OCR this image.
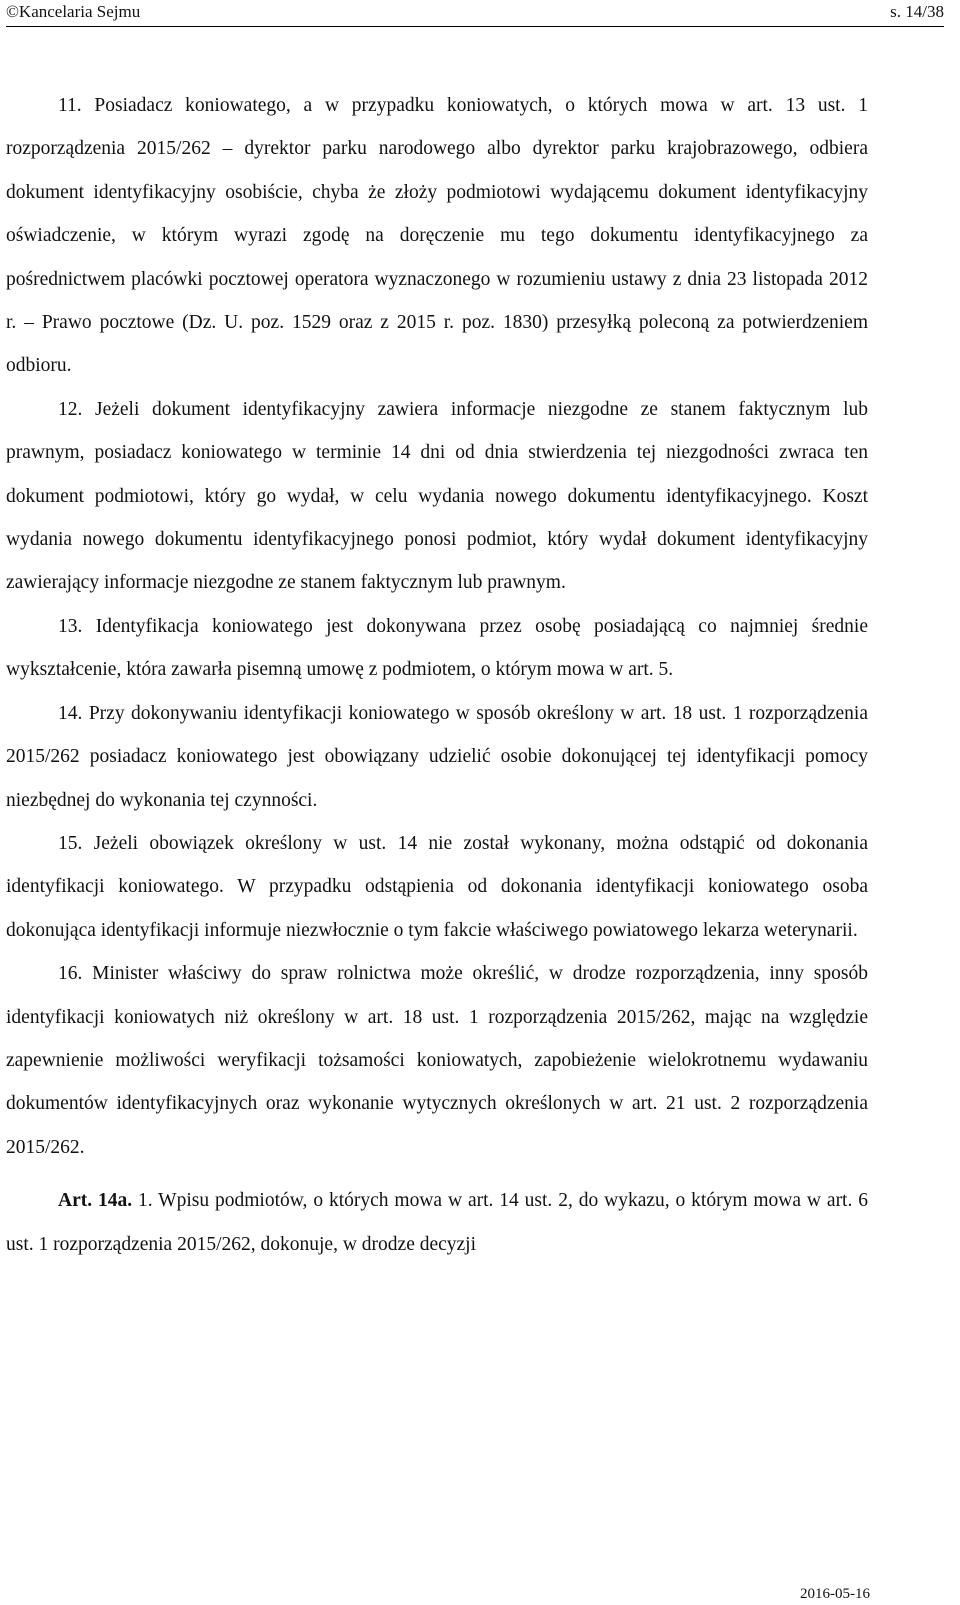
©Kancelaria Sejmu	s. 14/38

11. Posiadacz koniowatego, a w przypadku koniowatych, o których mowa w art. 13 ust. 1 rozporządzenia 2015/262 – dyrektor parku narodowego albo dyrektor parku krajobrazowego, odbiera dokument identyfikacyjny osobiście, chyba że złoży podmiotowi wydającemu dokument identyfikacyjny oświadczenie, w którym wyrazi zgodę na doręczenie mu tego dokumentu identyfikacyjnego za pośrednictwem placówki pocztowej operatora wyznaczonego w rozumieniu ustawy z dnia 23 listopada 2012 r. – Prawo pocztowe (Dz. U. poz. 1529 oraz z 2015 r. poz. 1830) przesyłką poleconą za potwierdzeniem odbioru.

12. Jeżeli dokument identyfikacyjny zawiera informacje niezgodne ze stanem faktycznym lub prawnym, posiadacz koniowatego w terminie 14 dni od dnia stwierdzenia tej niezgodności zwraca ten dokument podmiotowi, który go wydał, w celu wydania nowego dokumentu identyfikacyjnego. Koszt wydania nowego dokumentu identyfikacyjnego ponosi podmiot, który wydał dokument identyfikacyjny zawierający informacje niezgodne ze stanem faktycznym lub prawnym.

13. Identyfikacja koniowatego jest dokonywana przez osobę posiadającą co najmniej średnie wykształcenie, która zawarła pisemną umowę z podmiotem, o którym mowa w art. 5.

14. Przy dokonywaniu identyfikacji koniowatego w sposób określony w art. 18 ust. 1 rozporządzenia 2015/262 posiadacz koniowatego jest obowiązany udzielić osobie dokonującej tej identyfikacji pomocy niezbędnej do wykonania tej czynności.

15. Jeżeli obowiązek określony w ust. 14 nie został wykonany, można odstąpić od dokonania identyfikacji koniowatego. W przypadku odstąpienia od dokonania identyfikacji koniowatego osoba dokonująca identyfikacji informuje niezwłocznie o tym fakcie właściwego powiatowego lekarza weterynarii.

16. Minister właściwy do spraw rolnictwa może określić, w drodze rozporządzenia, inny sposób identyfikacji koniowatych niż określony w art. 18 ust. 1 rozporządzenia 2015/262, mając na względzie zapewnienie możliwości weryfikacji tożsamości koniowatych, zapobieżenie wielokrotnemu wydawaniu dokumentów identyfikacyjnych oraz wykonanie wytycznych określonych w art. 21 ust. 2 rozporządzenia 2015/262.

Art. 14a. 1. Wpisu podmiotów, o których mowa w art. 14 ust. 2, do wykazu, o którym mowa w art. 6 ust. 1 rozporządzenia 2015/262, dokonuje, w drodze decyzji

2016-05-16
